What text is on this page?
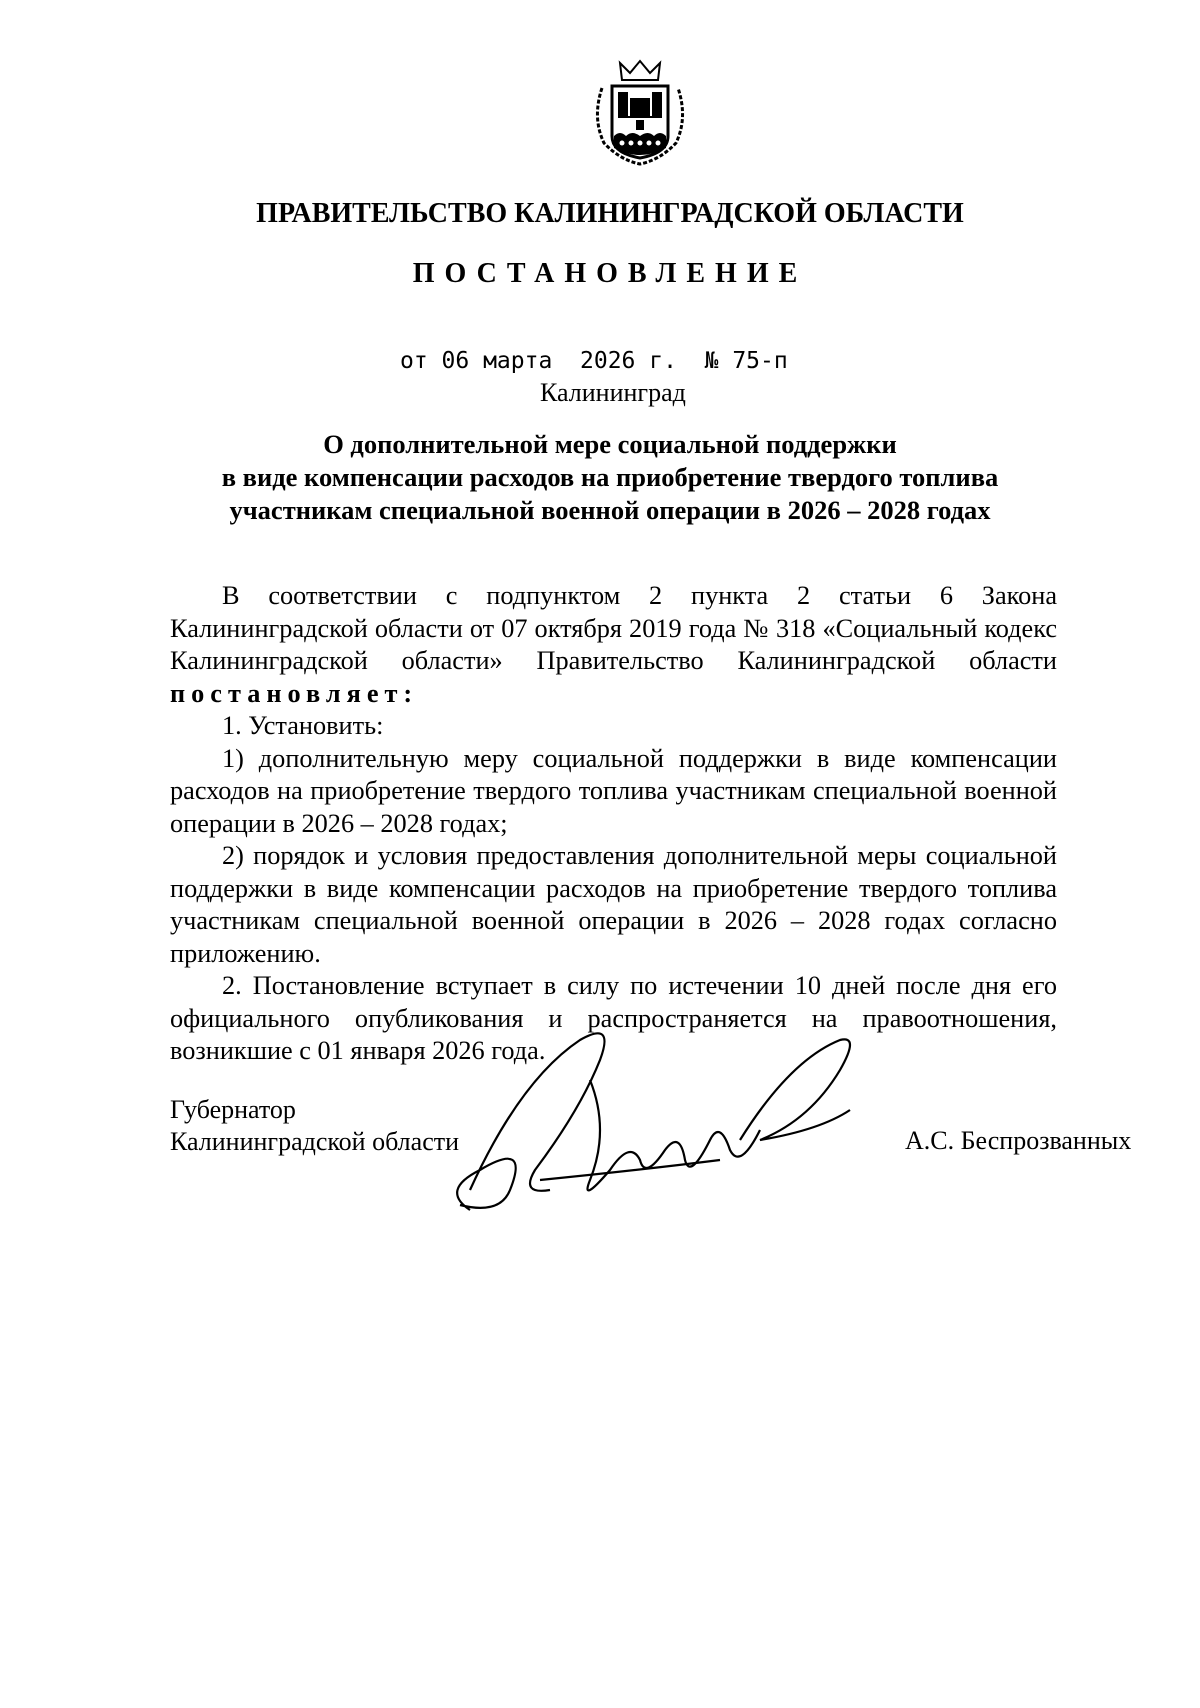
ПРАВИТЕЛЬСТВО КАЛИНИНГРАДСКОЙ ОБЛАСТИ
ПОСТАНОВЛЕНИЕ
от 06 марта  2026 г.  № 75-п
Калининград
О дополнительной мере социальной поддержки
в виде компенсации расходов на приобретение твердого топлива
участникам специальной военной операции в 2026 – 2028 годах

В соответствии с подпунктом 2 пункта 2 статьи 6 Закона Калининградской области от 07 октября 2019 года № 318 «Социальный кодекс Калининградской области» Правительство Калининградской области постановляет:

1. Установить:

1) дополнительную меру социальной поддержки в виде компенсации расходов на приобретение твердого топлива участникам специальной военной операции в 2026 – 2028 годах;

2) порядок и условия предоставления дополнительной меры социальной поддержки в виде компенсации расходов на приобретение твердого топлива участникам специальной военной операции в 2026 – 2028 годах согласно приложению.

2. Постановление вступает в силу по истечении 10 дней после дня его официального опубликования и распространяется на правоотношения, возникшие с 01 января 2026 года.

Губернатор
Калининградской области	А.С. Беспрозванных
